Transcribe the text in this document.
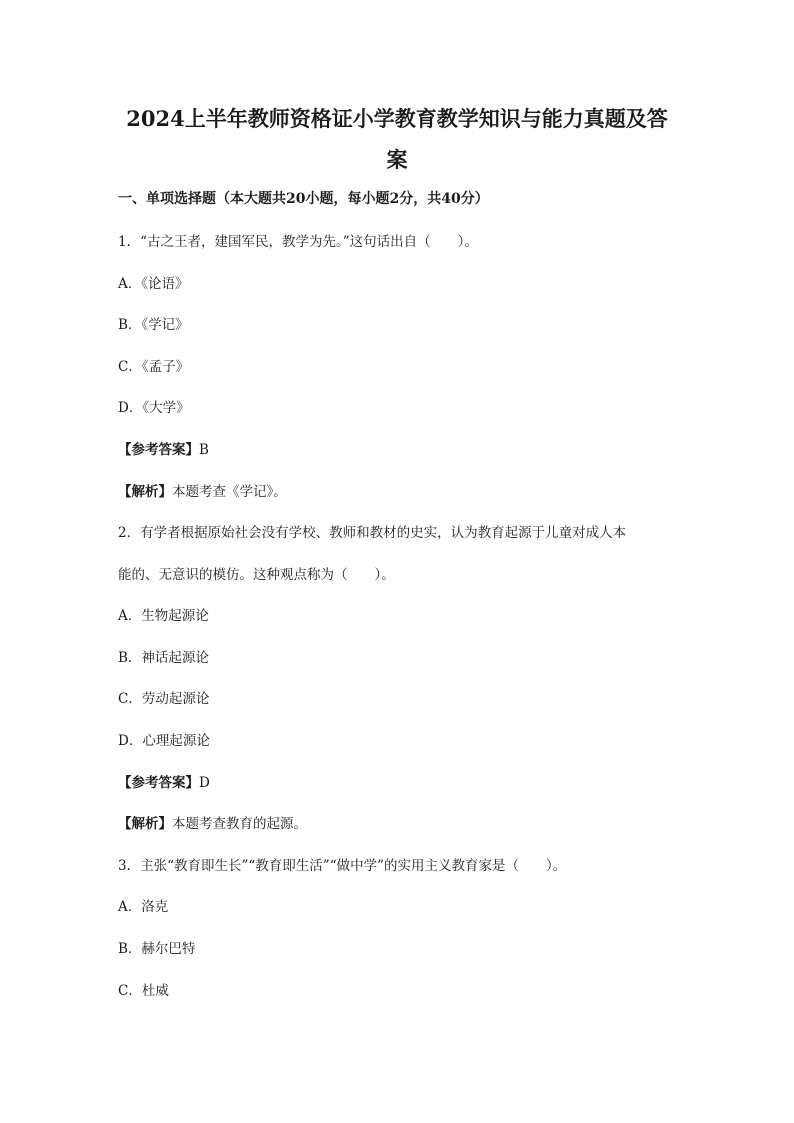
2024上半年教师资格证小学教育教学知识与能力真题及答
案
一、单项选择题（本大题共20小题，每小题2分，共40分）
1．“古之王者，建国军民，教学为先。”这句话出自（　　）。
A．《论语》
B．《学记》
C．《孟子》
D．《大学》
【参考答案】B
【解析】本题考查《学记》。
2．有学者根据原始社会没有学校、教师和教材的史实，认为教育起源于儿童对成人本
能的、无意识的模仿。这种观点称为（　　）。
A．生物起源论
B．神话起源论
C．劳动起源论
D．心理起源论
【参考答案】D
【解析】本题考查教育的起源。
3．主张“教育即生长”“教育即生活”“做中学”的实用主义教育家是（　　）。
A．洛克
B．赫尔巴特
C．杜威
